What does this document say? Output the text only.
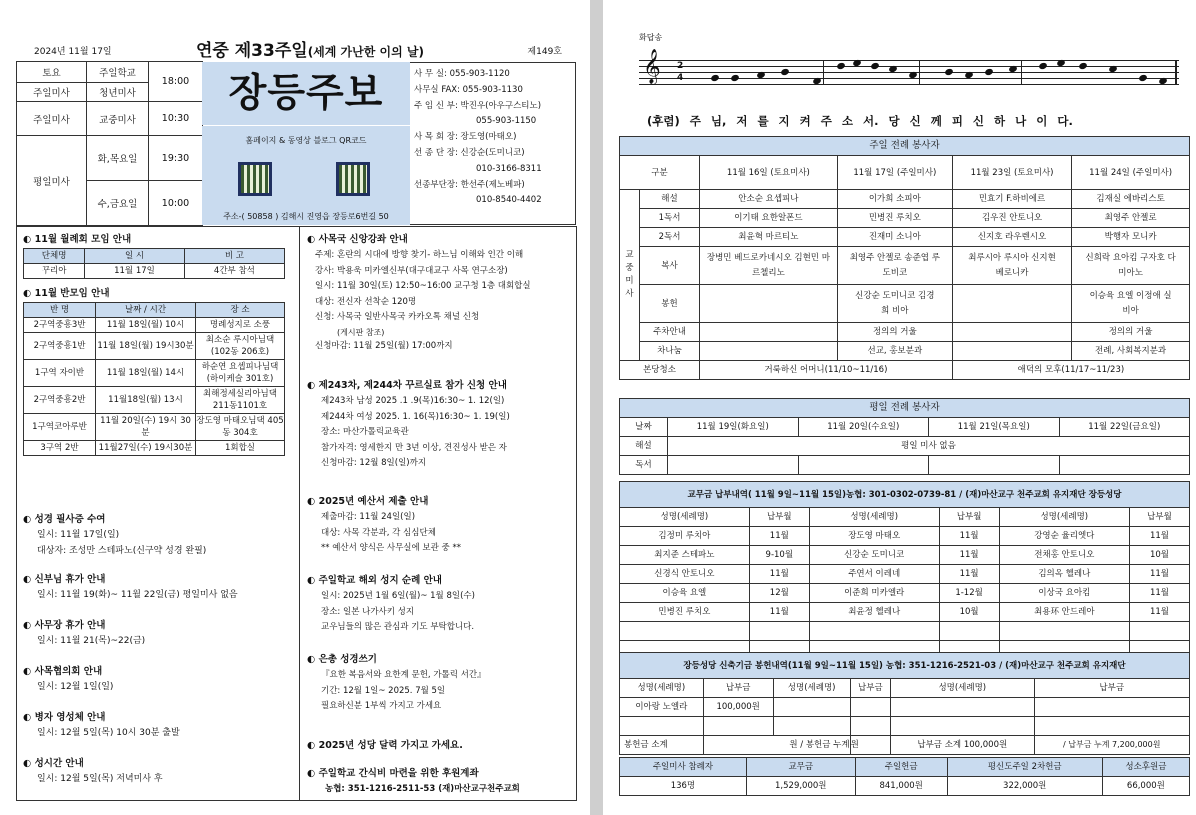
2024년 11월 17일	연중 제33주일(세계 가난한 이의 날)	제149호
토요	주일학교	18:00
주일미사	청년미사	
주일미사	교중미사	10:30
평일미사	화,목요일	19:30
	수,금요일	10:00
장등주보
홈페이지 & 동영상 블로그 QR코드
주소-( 50858 ) 김해시 진영읍 장등로6번길 50
사 무 실: 055-903-1120
사무실 FAX: 055-903-1130
주 임 신 부: 박진우(아우구스티노)
055-903-1150
사 목 회 장: 장도영(마태오)
선 종 단 장: 신강순(도미니코)
010-3166-8311
선종부단장: 한선주(제노베파)
010-8540-4402
◐ 11월 월례회 모임 안내
단체명	일 시	비 고
꾸리아	11월 17일	4간부 참석
◐ 11월 반모임 안내
반 명	날짜 / 시간	장 소
2구역중흥3반	11월 18일(월) 10시	명례성지로 소풍
2구역중흥1반	11월 18일(월) 19시30분	최소순 루시아님댁 (102동 206호)
1구역 자이반	11월 18일(월) 14시	하순연 요셉피나님댁(하이케슬 301호)
2구역중흥2반	11월18일(월) 13시	최해정세실리아님댁 211동1101호
1구역코아루반	11월 20일(수) 19시 30분	장도영 마태오님댁 405동 304호
3구역 2반	11월27일(수) 19시30분	1회합실
◐ 성경 필사증 수여
일시: 11월 17일(일)
대상자: 조성만 스테파노(신구약 성경 완필)
◐ 신부님 휴가 안내
일시: 11월 19(화)~ 11월 22일(금) 평일미사 없음
◐ 사무장 휴가 안내
일시: 11월 21(목)~22(금)
◐ 사목협의회 안내
일시: 12월 1일(일)
◐ 병자 영성체 안내
일시: 12월 5일(목) 10시 30분 출발
◐ 성시간 안내
일시: 12월 5일(목) 저녁미사 후
◐ 사목국 신앙강좌 안내
주제: 혼란의 시대에 방향 찾기- 하느님 이해와 인간 이해
강사: 박용욱 미카엘신부(대구대교구 사목 연구소장)
일시: 11월 30일(토) 12:50~16:00 교구청 1층 대회합실
대상: 전신자 선착순 120명
신청: 사목국 일반사목국 카카오톡 채널 신청
(게시판 참조)
신청마감: 11월 25일(월) 17:00까지
◐ 제243차, 제244차 꾸르실료 참가 신청 안내
제243차 남성 2025 .1 .9(목)16:30~ 1. 12(일)
제244차 여성 2025. 1. 16(목)16:30~ 1. 19(일)
장소: 마산가톨릭교육관
참가자격: 영세한지 만 3년 이상, 견진성사 받은 자
신청마감: 12월 8일(일)까지
◐ 2025년 예산서 제출 안내
제출마감: 11월 24일(일)
대상: 사목 각분과, 각 심심단체
** 예산서 양식은 사무실에 보관 중 **
◐ 주일학교 해외 성지 순례 안내
일시: 2025년 1월 6일(월)~ 1월 8일(수)
장소: 일본 나가사키 성지
교우님들의 많은 관심과 기도 부탁합니다.
◐ 은총 성경쓰기
『요한 복음서와 요한계 문헌, 가톨릭 서간』
기간: 12월 1일~ 2025. 7월 5일
필요하신분 1부씩 가지고 가세요
◐ 2025년 성당 달력 가지고 가세요.
◐ 주일학교 간식비 마련을 위한 후원계좌
농협: 351-1216-2511-53 (재)마산교구천주교회
화답송
𝄞 2
4
(후렴) 주 님, 저 를 지 켜 주 소 서. 당 신 께 피 신 하 나 이 다.
주일 전례 봉사자					
구분		11월 16일 (토요미사)	11월 17일 (주일미사)	11월 23일 (토요미사)	11월 24일 (주일미사)
교중미사	해설	안소순 요셉피나	이가희 소피아	민효기 F.하비에르	김재실 에바리스토
	1독서	이기태 요한알폰드	민병진 루치오	김우진 안토니오	최영주 안젤로
	2독서	최윤혁 마르티노	진재미 소니아	신지호 라우렌시오	박행자 모니카
	복사	장병민 베드로카네시오 김현민 마르첼리노	최영주 안젤로 송준엽 루도비코	최루시아 루시아 신지현 베로니카	신희락 요아킴 구자호 다미아노
	봉헌		신강순 도미니코 김경희 비아		이승육 요엘 이정애 실비아
	주차안내		정의의 거울		정의의 거울
	차나눔		선교, 홍보분과		전례, 사회복지분과
본당청소		거룩하신 어머니(11/10~11/16)		애덕의 모후(11/17~11/23)	
평일 전례 봉사자				
날짜	11월 19일(화요일)	11월 20일(수요일)	11월 21일(목요일)	11월 22일(금요일)
해설	평일 미사 없음			
독서				
교무금 납부내역( 11월 9일~11월 15일)농협: 301-0302-0739-81 / (재)마산교구 천주교회 유지재단 장등성당					
성명(세례명)	납부월	성명(세례명)	납부월	성명(세례명)	납부월
김정미 루치아	11월	장도영 마태오	11월	강영순 율리엣다	11월
최지준 스테파노	9-10월	신강순 도미니코	11월	전채홍 안토니오	10월
신경식 안토니오	11월	주연서 이레네	11월	김의옥 헬레나	11월
이승육 요엘	12월	이준희 미카엘라	1-12월	이상국 요아킴	11월
민병진 루치오	11월	최윤정 헬레나	10월	최용环 안드레아	11월

장등성당 신축기금 봉헌내역(11월 9일~11월 15일) 농협: 351-1216-2521-03 / (재)마산교구 천주교회 유지재단					
성명(세례명)	납부금	성명(세례명)	납부금	성명(세례명)	납부금
이아랑 노엘라	100,000원				

봉헌금 소계	원 / 봉헌금 누계		원	납부금 소계 100,000원	/ 납부금 누계 7,200,000원
주일미사 참례자	교무금	주일헌금	평신도주일 2차헌금	성소후원금
136명	1,529,000원	841,000원	322,000원	66,000원
